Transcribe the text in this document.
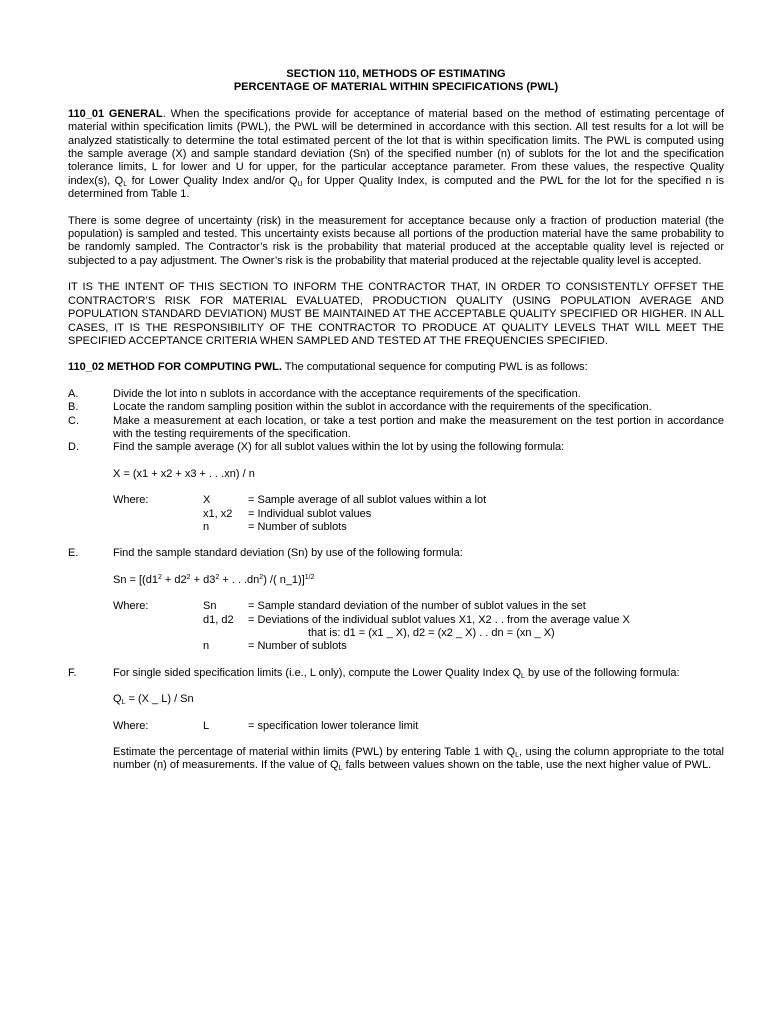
SECTION 110, METHODS OF ESTIMATING
PERCENTAGE OF MATERIAL WITHIN SPECIFICATIONS (PWL)

110_01 GENERAL. When the specifications provide for acceptance of material based on the method of estimating percentage of material within specification limits (PWL), the PWL will be determined in accordance with this section. All test results for a lot will be analyzed statistically to determine the total estimated percent of the lot that is within specification limits. The PWL is computed using the sample average (X) and sample standard deviation (Sn) of the specified number (n) of sublots for the lot and the specification tolerance limits, L for lower and U for upper, for the particular acceptance parameter. From these values, the respective Quality index(s), $Q_L$ for Lower Quality Index and/or $Q_U$ for Upper Quality Index, is computed and the PWL for the lot for the specified n is determined from Table 1.

There is some degree of uncertainty (risk) in the measurement for acceptance because only a fraction of production material (the population) is sampled and tested. This uncertainty exists because all portions of the production material have the same probability to be randomly sampled. The Contractor’s risk is the probability that material produced at the acceptable quality level is rejected or subjected to a pay adjustment. The Owner’s risk is the probability that material produced at the rejectable quality level is accepted.

IT IS THE INTENT OF THIS SECTION TO INFORM THE CONTRACTOR THAT, IN ORDER TO CONSISTENTLY OFFSET THE CONTRACTOR’S RISK FOR MATERIAL EVALUATED, PRODUCTION QUALITY (USING POPULATION AVERAGE AND POPULATION STANDARD DEVIATION) MUST BE MAINTAINED AT THE ACCEPTABLE QUALITY SPECIFIED OR HIGHER. IN ALL CASES, IT IS THE RESPONSIBILITY OF THE CONTRACTOR TO PRODUCE AT QUALITY LEVELS THAT WILL MEET THE SPECIFIED ACCEPTANCE CRITERIA WHEN SAMPLED AND TESTED AT THE FREQUENCIES SPECIFIED.

110_02 METHOD FOR COMPUTING PWL. The computational sequence for computing PWL is as follows:

A.	Divide the lot into n sublots in accordance with the acceptance requirements of the specification.
B.	Locate the random sampling position within the sublot in accordance with the requirements of the specification.
C.	Make a measurement at each location, or take a test portion and make the measurement on the test portion in accordance with the testing requirements of the specification.
D.	Find the sample average (X) for all sublot values within the lot by using the following formula:
X = (x1 + x2 + x3 + . . .xn) / n
Where:	X	= Sample average of all sublot values within a lot
x1, x2	= Individual sublot values
n	= Number of sublots
E.	Find the sample standard deviation (Sn) by use of the following formula:
$Sn = [(d1^2 + d2^2 + d3^2$ + . . $.dn^2$) /( n_1)]$^{1/2}$
Where:	Sn	= Sample standard deviation of the number of sublot values in the set
d1, d2	= Deviations of the individual sublot values X1, X2 . . from the average value X
that is: d1 = (x1 _ X), d2 = (x2 _ X) . . dn = (xn _ X)
n	= Number of sublots
F.	For single sided specification limits (i.e., L only), compute the Lower Quality Index $Q_L$ by use of the following formula:
$Q_L = (X$ _ L) / Sn
Where:	L	= specification lower tolerance limit

Estimate the percentage of material within limits (PWL) by entering Table 1 with $Q_L$, using the column appropriate to the total number (n) of measurements. If the value of $Q_L$ falls between values shown on the table, use the next higher value of PWL.
